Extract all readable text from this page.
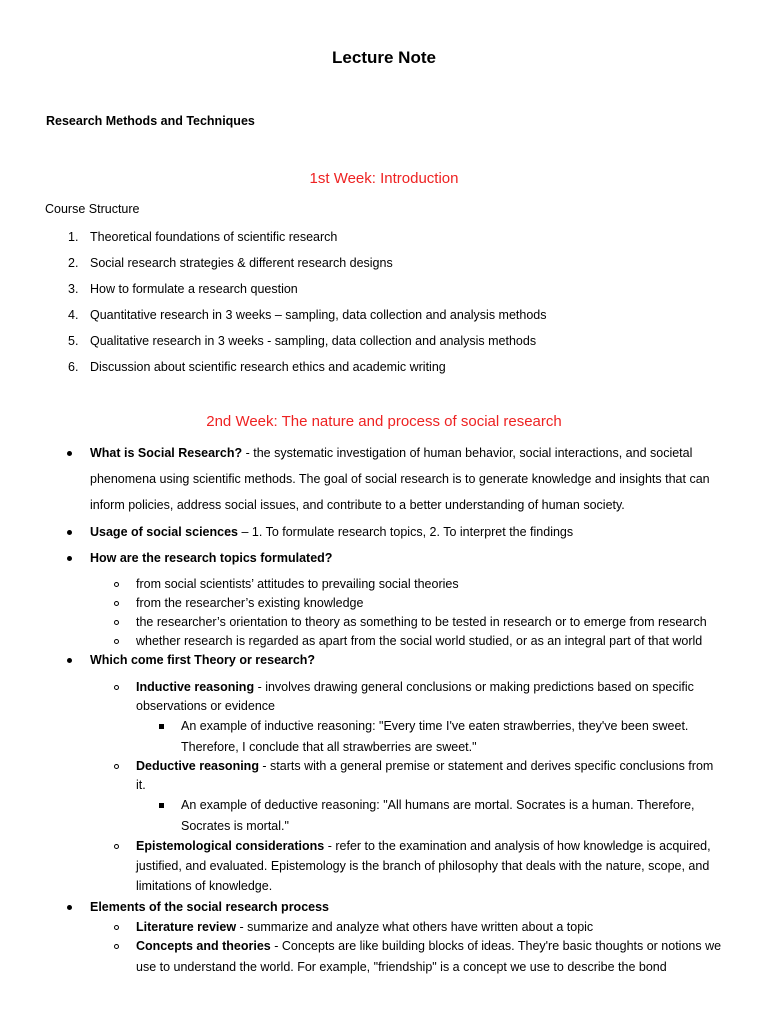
Lecture Note
Research Methods and Techniques
1st Week: Introduction
Course Structure
1. Theoretical foundations of scientific research
2. Social research strategies & different research designs
3. How to formulate a research question
4. Quantitative research in 3 weeks – sampling, data collection and analysis methods
5. Qualitative research in 3 weeks - sampling, data collection and analysis methods
6. Discussion about scientific research ethics and academic writing
2nd Week: The nature and process of social research
What is Social Research? - the systematic investigation of human behavior, social interactions, and societal
phenomena using scientific methods. The goal of social research is to generate knowledge and insights that can
inform policies, address social issues, and contribute to a better understanding of human society.
Usage of social sciences – 1. To formulate research topics, 2. To interpret the findings
How are the research topics formulated?
from social scientists’ attitudes to prevailing social theories
from the researcher’s existing knowledge
the researcher’s orientation to theory as something to be tested in research or to emerge from research
whether research is regarded as apart from the social world studied, or as an integral part of that world
Which come first Theory or research?
Inductive reasoning - involves drawing general conclusions or making predictions based on specific
observations or evidence
An example of inductive reasoning: "Every time I've eaten strawberries, they've been sweet.
Therefore, I conclude that all strawberries are sweet."
Deductive reasoning - starts with a general premise or statement and derives specific conclusions from
it.
An example of deductive reasoning: "All humans are mortal. Socrates is a human. Therefore,
Socrates is mortal."
Epistemological considerations - refer to the examination and analysis of how knowledge is acquired,
justified, and evaluated. Epistemology is the branch of philosophy that deals with the nature, scope, and
limitations of knowledge.
Elements of the social research process
Literature review - summarize and analyze what others have written about a topic
Concepts and theories - Concepts are like building blocks of ideas. They're basic thoughts or notions we
use to understand the world. For example, "friendship" is a concept we use to describe the bond
